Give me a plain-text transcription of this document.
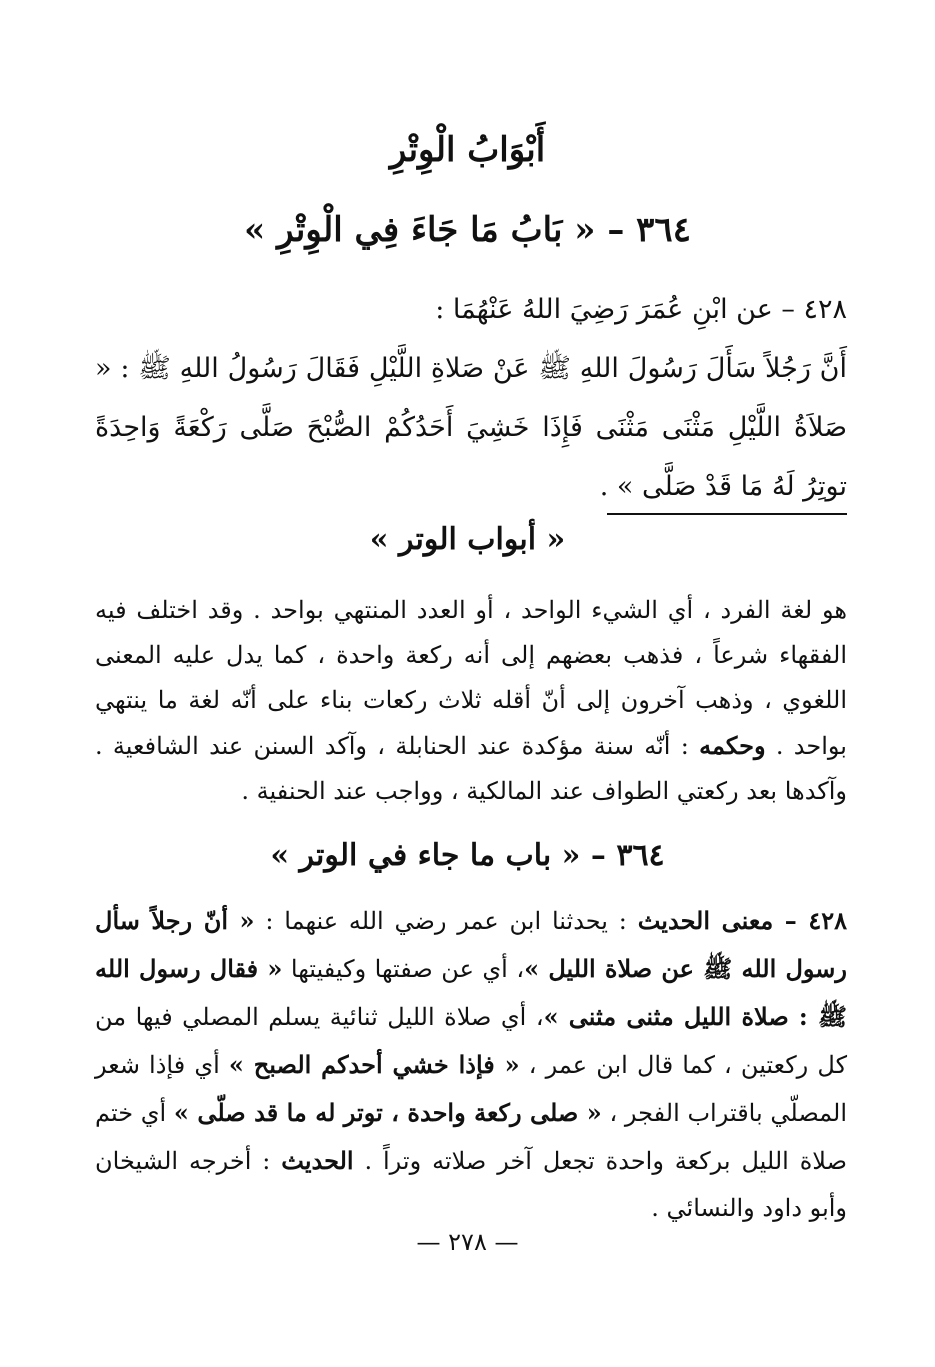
أَبْوَابُ الْوِتْرِ
٣٦٤ – « بَابُ مَا جَاءَ فِي الْوِتْرِ »

٤٢٨ – عن ابْنِ عُمَرَ رَضِيَ اللهُ عَنْهُمَا :

أَنَّ رَجُلاً سَأَلَ رَسُولَ اللهِ ﷺ عَنْ صَلاةِ اللَّيْلِ فَقَالَ رَسُولُ اللهِ ﷺ : « صَلاَةُ اللَّيْلِ مَثْنَى مَثْنَى فَإِذَا خَشِيَ أَحَدُكُمْ الصُّبْحَ صَلَّى رَكْعَةً وَاحِدَةً توتِرُ لَهُ مَا قَدْ صَلَّى » .

« أبواب الوتر »

هو لغة الفرد ، أي الشيء الواحد ، أو العدد المنتهي بواحد . وقد اختلف فيه الفقهاء شرعاً ، فذهب بعضهم إلى أنه ركعة واحدة ، كما يدل عليه المعنى اللغوي ، وذهب آخرون إلى أنّ أقله ثلاث ركعات بناء على أنّه لغة ما ينتهي بواحد . وحكمه : أنّه سنة مؤكدة عند الحنابلة ، وآكد السنن عند الشافعية . وآكدها بعد ركعتي الطواف عند المالكية ، وواجب عند الحنفية .

٣٦٤ – « باب ما جاء في الوتر »

٤٢٨ – معنى الحديث : يحدثنا ابن عمر رضي الله عنهما : « أنّ رجلاً سأل رسول الله ﷺ عن صلاة الليل »، أي عن صفتها وكيفيتها « فقال رسول الله ﷺ : صلاة الليل مثنى مثنى »، أي صلاة الليل ثنائية يسلم المصلي فيها من كل ركعتين ، كما قال ابن عمر ، « فإذا خشي أحدكم الصبح » أي فإذا شعر المصلّي باقتراب الفجر ، « صلى ركعة واحدة ، توتر له ما قد صلّى » أي ختم صلاة الليل بركعة واحدة تجعل آخر صلاته وتراً . الحديث : أخرجه الشيخان وأبو داود والنسائي .

— ٢٧٨ —
